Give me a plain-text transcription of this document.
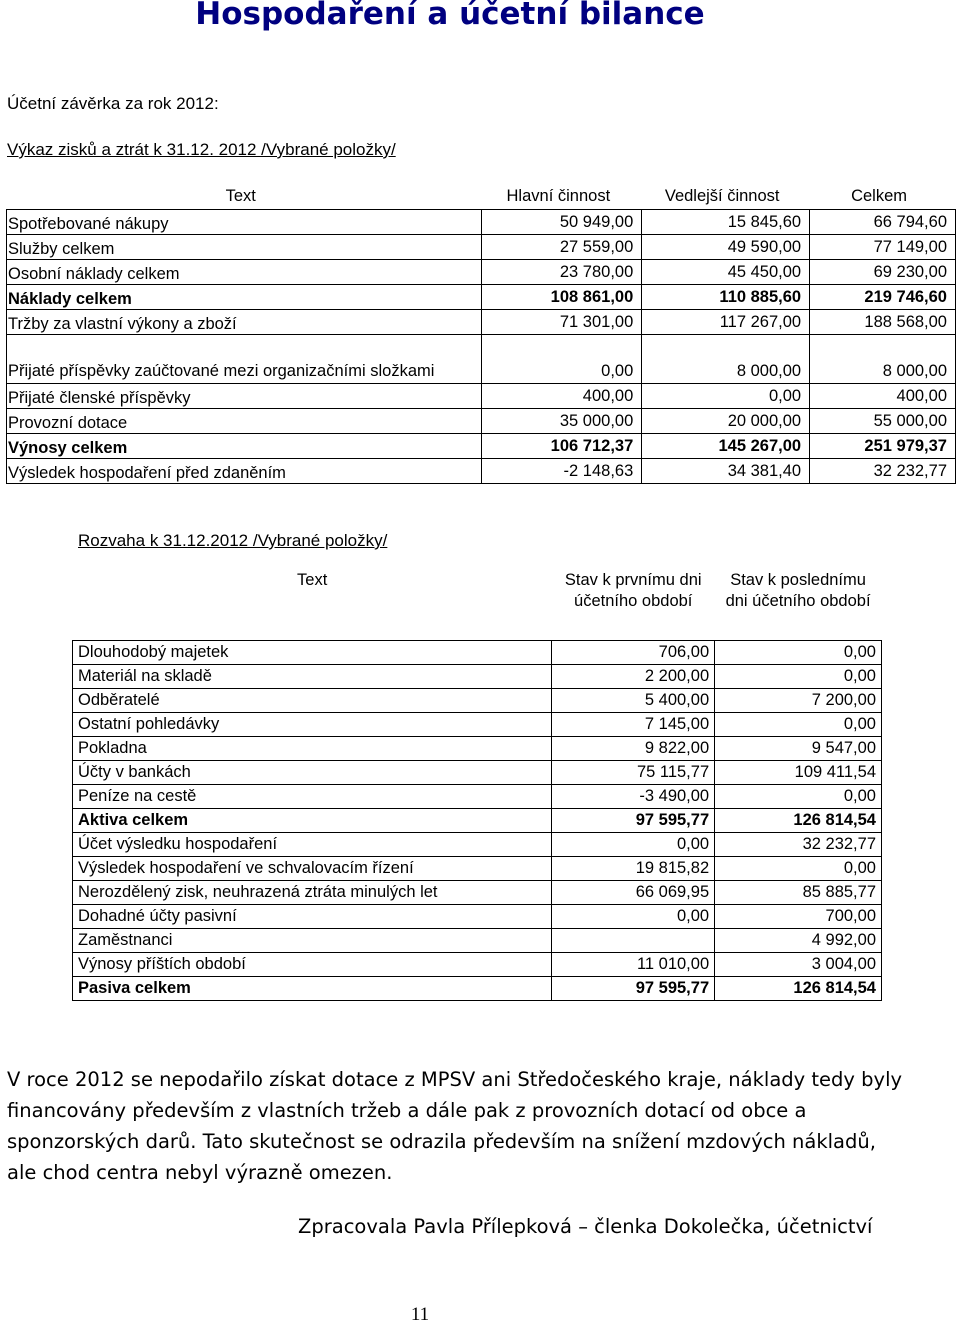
Hospodaření a účetní bilance
Účetní závěrka za rok 2012:
Výkaz zisků a ztrát k 31.12. 2012 /Vybrané položky/
Text	Hlavní činnost	Vedlejší činnost	Celkem
Spotřebované nákupy	50 949,00	15 845,60	66 794,60
Služby celkem	27 559,00	49 590,00	77 149,00
Osobní náklady celkem	23 780,00	45 450,00	69 230,00
Náklady celkem	108 861,00	110 885,60	219 746,60
Tržby za vlastní výkony a zboží	71 301,00	117 267,00	188 568,00
Přijaté příspěvky zaúčtované mezi organizačními složkami	0,00	8 000,00	8 000,00
Přijaté členské příspěvky	400,00	0,00	400,00
Provozní dotace	35 000,00	20 000,00	55 000,00
Výnosy celkem	106 712,37	145 267,00	251 979,37
Výsledek hospodaření před zdaněním	-2 148,63	34 381,40	32 232,77
Rozvaha k 31.12.2012 /Vybrané položky/
Text	Stav k prvnímu dni účetního období	Stav k poslednímu dni účetního období
Dlouhodobý majetek	706,00	0,00
Materiál na skladě	2 200,00	0,00
Odběratelé	5 400,00	7 200,00
Ostatní pohledávky	7 145,00	0,00
Pokladna	9 822,00	9 547,00
Účty v bankách	75 115,77	109 411,54
Peníze na cestě	-3 490,00	0,00
Aktiva celkem	97 595,77	126 814,54
Účet výsledku hospodaření	0,00	32 232,77
Výsledek hospodaření ve schvalovacím řízení	19 815,82	0,00
Nerozdělený zisk, neuhrazená ztráta minulých let	66 069,95	85 885,77
Dohadné účty pasivní	0,00	700,00
Zaměstnanci		4 992,00
Výnosy příštích období	11 010,00	3 004,00
Pasiva celkem	97 595,77	126 814,54
V roce 2012 se nepodařilo získat dotace z MPSV ani Středočeského kraje, náklady tedy byly financovány především z vlastních tržeb a dále pak z provozních dotací od obce a sponzorských darů. Tato skutečnost se odrazila především na snížení mzdových nákladů, ale chod centra nebyl výrazně omezen.
Zpracovala Pavla Přílepková – členka Dokolečka, účetnictví
11
